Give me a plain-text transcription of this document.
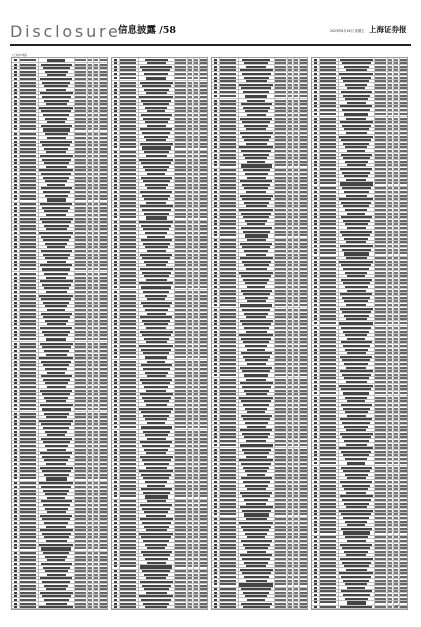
Disclosure
信息披露 /58	2023年6月16日 星期五 上海证券报
(上接57版)
58
